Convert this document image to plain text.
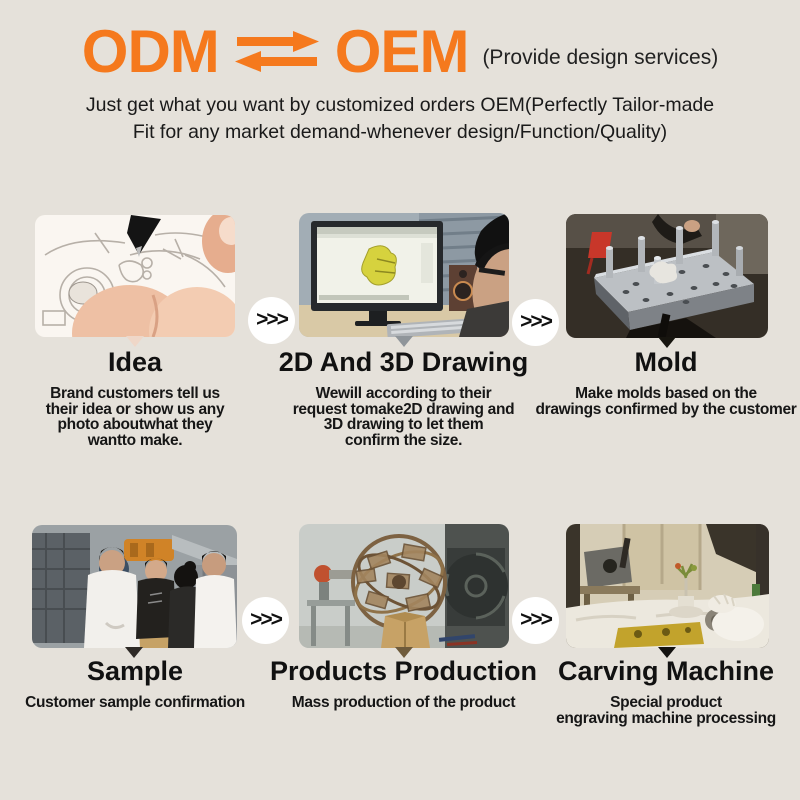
ODM OEM (Provide design services)
Just get what you want by customized orders OEM(Perfectly Tailor-made
Fit for any market demand-whenever design/Function/Quality)
>>>	>>>
Idea
Brand customers tell us
their idea or show us any
photo aboutwhat they
wantto make.
2D And 3D Drawing
Wewill according to their
request tomake2D drawing and
3D drawing to let them
confirm the size.
Mold
Make molds based on the
drawings confirmed by the customer
>>>	>>>
Sample
Customer sample confirmation
Products Production
Mass production of the product
Carving Machine
Special product
engraving machine processing
